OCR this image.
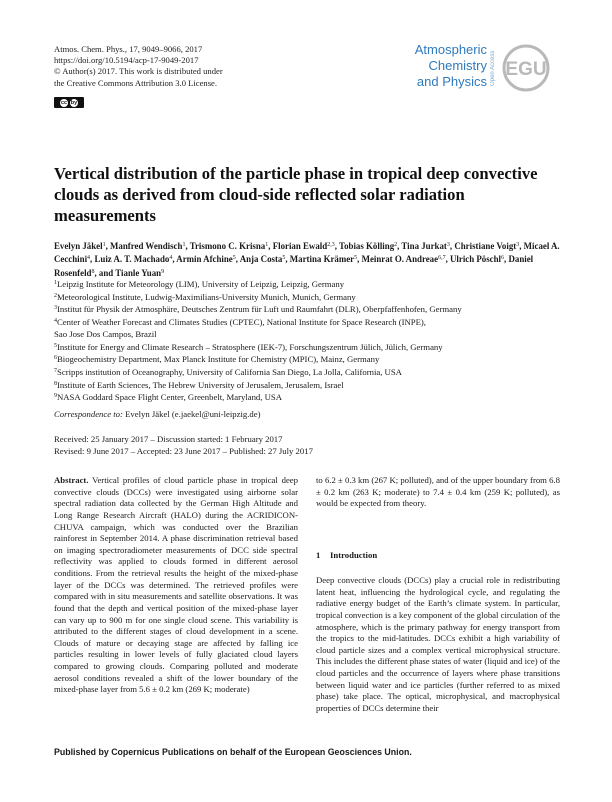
Atmos. Chem. Phys., 17, 9049–9066, 2017
https://doi.org/10.5194/acp-17-9049-2017
© Author(s) 2017. This work is distributed under
the Creative Commons Attribution 3.0 License.
cc by
Atmospheric
Chemistry
and Physics Open Access EGU
Vertical distribution of the particle phase in tropical deep convective clouds as derived from cloud-side reflected solar radiation measurements
Evelyn Jäkel$^1$, Manfred Wendisch$^1$, Trismono C. Krisna$^1$, Florian Ewald$^{2,3}$, Tobias Kölling$^2$, Tina Jurkat$^3$, Christiane Voigt$^3$, Micael A. Cecchini$^4$, Luiz A. T. Machado$^4$, Armin Afchine$^5$, Anja Costa$^5$, Martina Krämer$^5$, Meinrat O. Andreae$^{6,7}$, Ulrich Pöschl$^6$, Daniel Rosenfeld$^8$, and Tianle Yuan$^9$
$^1$Leipzig Institute for Meteorology (LIM), University of Leipzig, Leipzig, Germany
$^2$Meteorological Institute, Ludwig-Maximilians-University Munich, Munich, Germany
$^3$Institut für Physik der Atmosphäre, Deutsches Zentrum für Luft und Raumfahrt (DLR), Oberpfaffenhofen, Germany
$^4$Center of Weather Forecast and Climates Studies (CPTEC), National Institute for Space Research (INPE),
Sao Jose Dos Campos, Brazil
$^5$Institute for Energy and Climate Research – Stratosphere (IEK-7), Forschungszentrum Jülich, Jülich, Germany
$^6$Biogeochemistry Department, Max Planck Institute for Chemistry (MPIC), Mainz, Germany
$^7$Scripps institution of Oceanography, University of California San Diego, La Jolla, California, USA
$^8$Institute of Earth Sciences, The Hebrew University of Jerusalem, Jerusalem, Israel
$^9$NASA Goddard Space Flight Center, Greenbelt, Maryland, USA
Correspondence to: Evelyn Jäkel (e.jaekel@uni-leipzig.de)
Received: 25 January 2017 – Discussion started: 1 February 2017
Revised: 9 June 2017 – Accepted: 23 June 2017 – Published: 27 July 2017
Abstract. Vertical profiles of cloud particle phase in tropical deep convective clouds (DCCs) were investigated using airborne solar spectral radiation data collected by the German High Altitude and Long Range Research Aircraft (HALO) during the ACRIDICON-CHUVA campaign, which was conducted over the Brazilian rainforest in September 2014. A phase discrimination retrieval based on imaging spectroradiometer measurements of DCC side spectral reflectivity was applied to clouds formed in different aerosol conditions. From the retrieval results the height of the mixed-phase layer of the DCCs was determined. The retrieved profiles were compared with in situ measurements and satellite observations. It was found that the depth and vertical position of the mixed-phase layer can vary up to 900 m for one single cloud scene. This variability is attributed to the different stages of cloud development in a scene. Clouds of mature or decaying stage are affected by falling ice particles resulting in lower levels of fully glaciated cloud layers compared to growing clouds. Comparing polluted and moderate aerosol conditions revealed a shift of the lower boundary of the mixed-phase layer from 5.6 ± 0.2 km (269 K; moderate)
to 6.2 ± 0.3 km (267 K; polluted), and of the upper boundary from 6.8 ± 0.2 km (263 K; moderate) to 7.4 ± 0.4 km (259 K; polluted), as would be expected from theory.
1 Introduction
Deep convective clouds (DCCs) play a crucial role in redistributing latent heat, influencing the hydrological cycle, and regulating the radiative energy budget of the Earth’s climate system. In particular, tropical convection is a key component of the global circulation of the atmosphere, which is the primary pathway for energy transport from the tropics to the mid-latitudes. DCCs exhibit a high variability of cloud particle sizes and a complex vertical microphysical structure. This includes the different phase states of water (liquid and ice) of the cloud particles and the occurrence of layers where phase transitions between liquid water and ice particles (further referred to as mixed phase) take place. The optical, microphysical, and macrophysical properties of DCCs determine their
Published by Copernicus Publications on behalf of the European Geosciences Union.
